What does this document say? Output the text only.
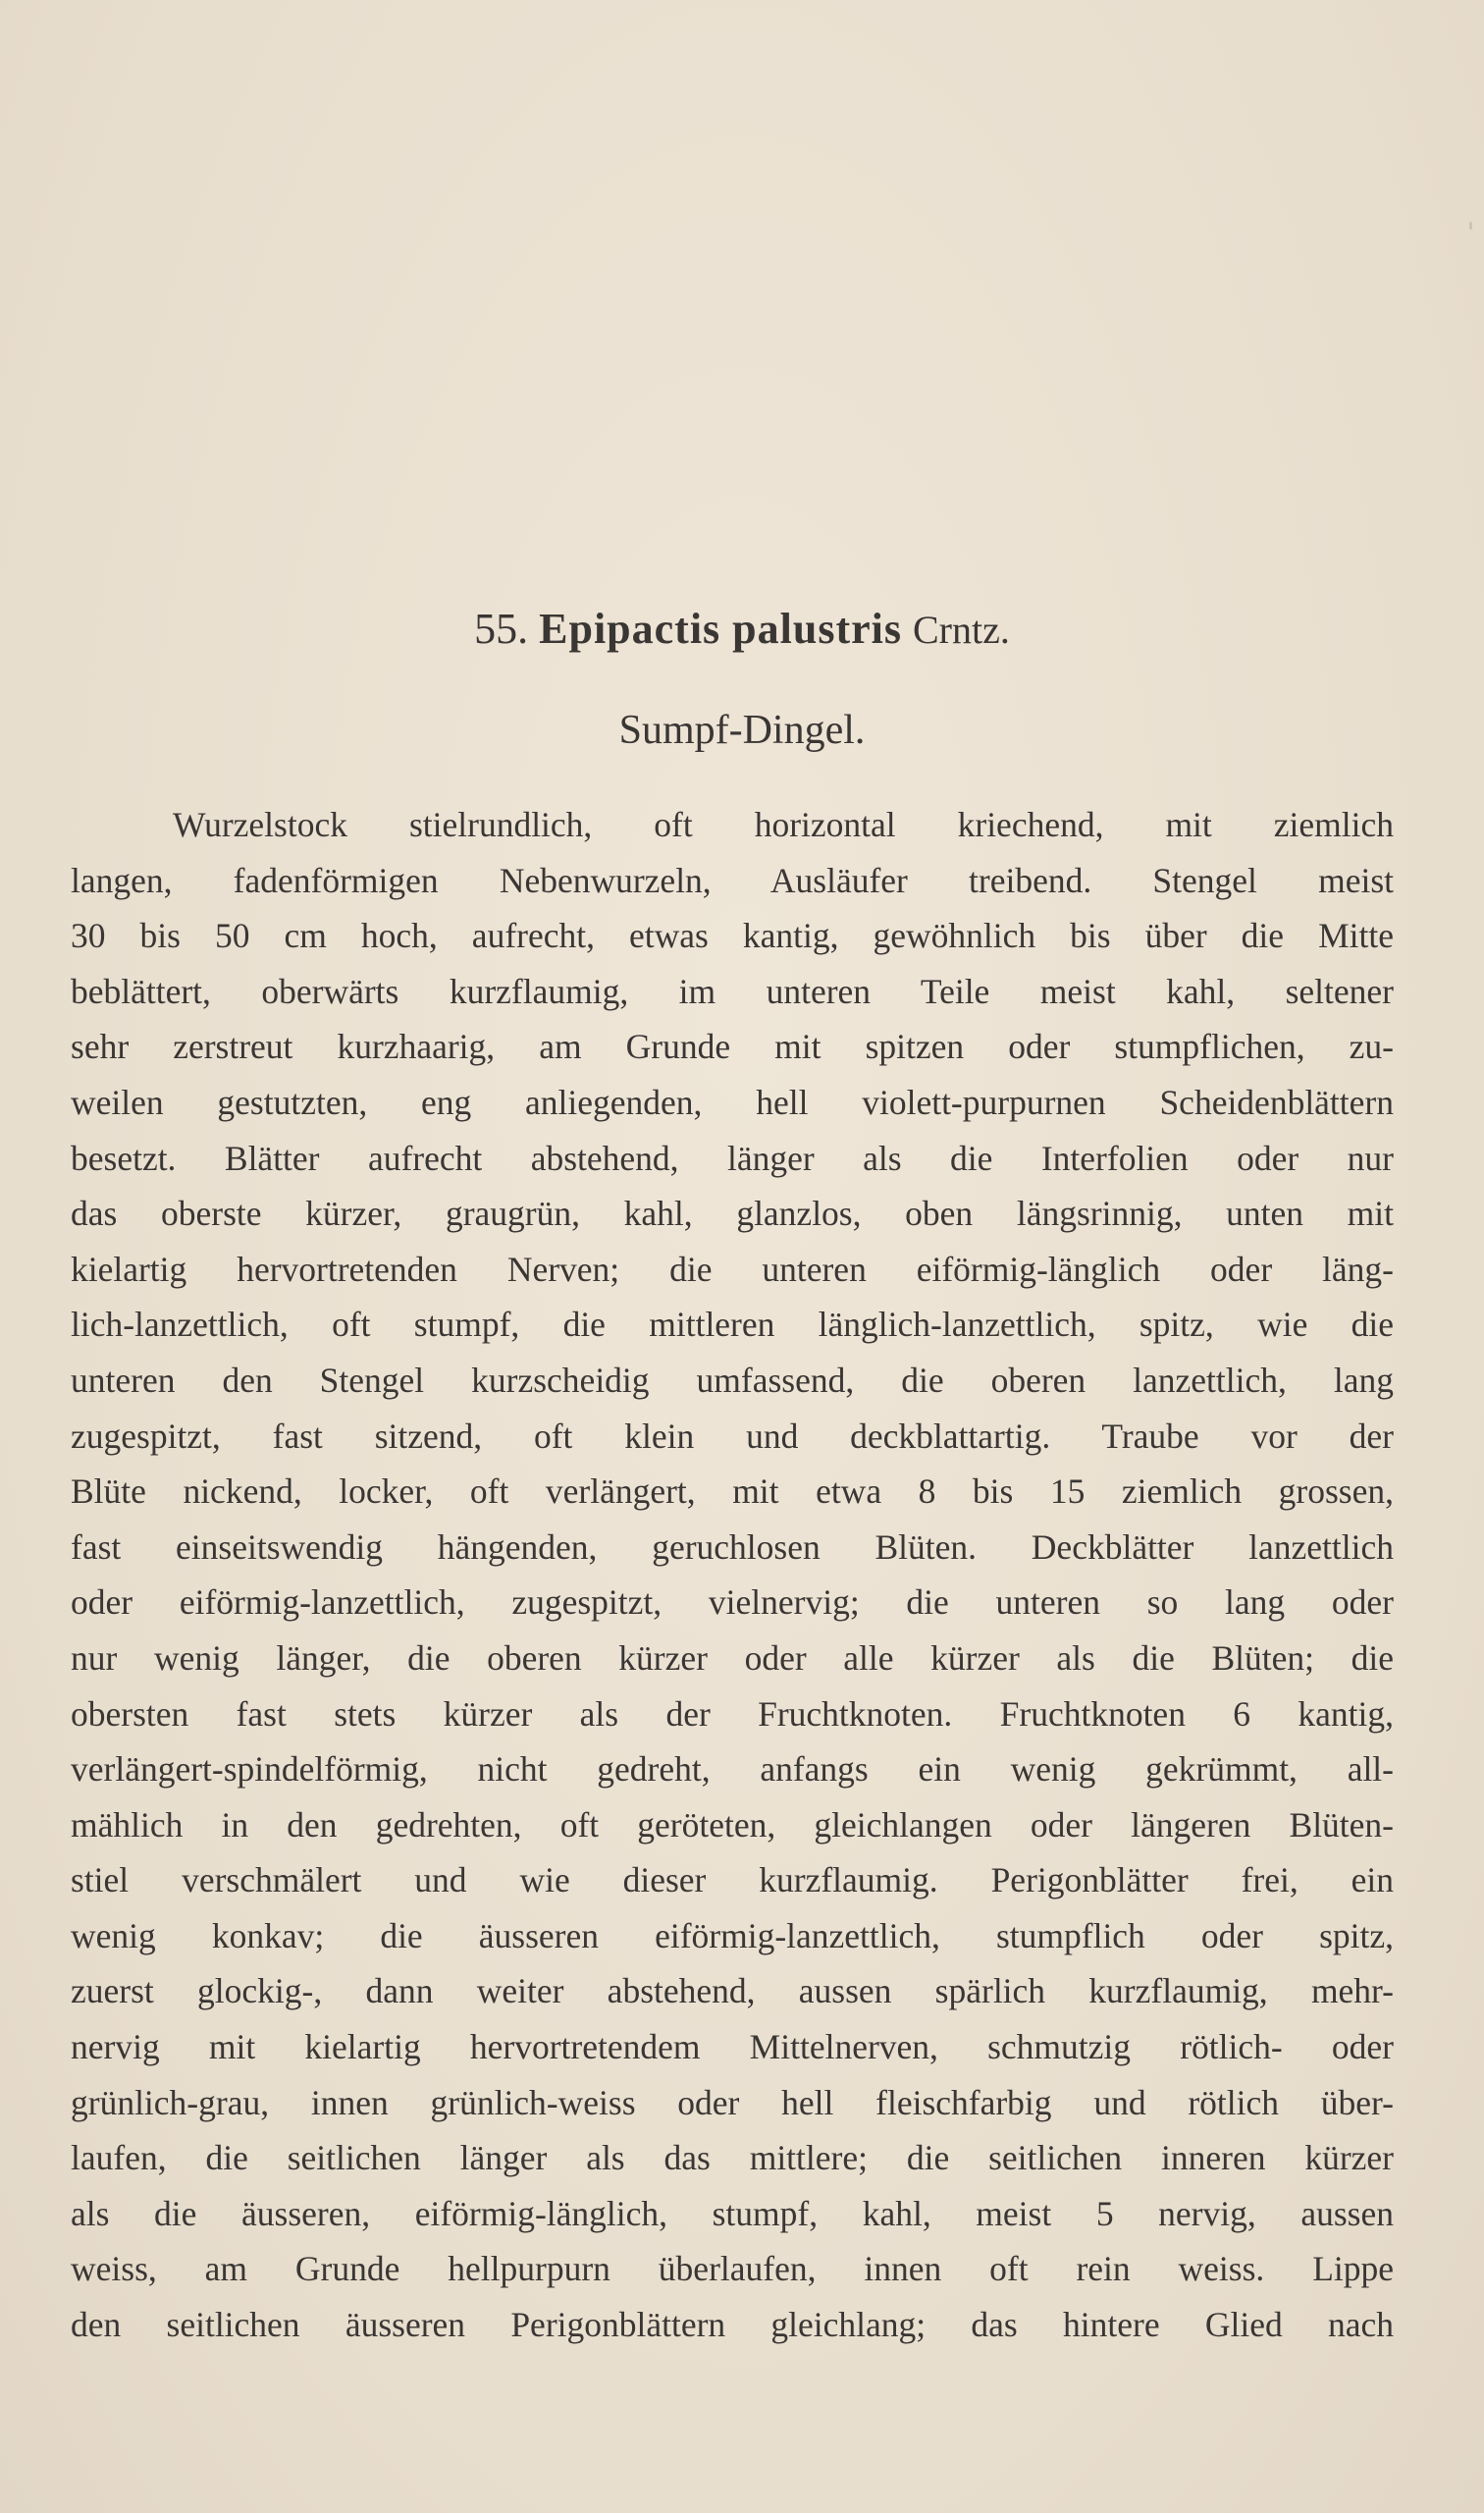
55. Epipactis palustris Crntz.
Sumpf-Dingel.
Wurzelstock stielrundlich, oft horizontal kriechend, mit ziemlich
langen, fadenförmigen Nebenwurzeln, Ausläufer treibend. Stengel meist
30 bis 50 cm hoch, aufrecht, etwas kantig, gewöhnlich bis über die Mitte
beblättert, oberwärts kurzflaumig, im unteren Teile meist kahl, seltener
sehr zerstreut kurzhaarig, am Grunde mit spitzen oder stumpflichen, zu-
weilen gestutzten, eng anliegenden, hell violett-purpurnen Scheidenblättern
besetzt. Blätter aufrecht abstehend, länger als die Interfolien oder nur
das oberste kürzer, graugrün, kahl, glanzlos, oben längsrinnig, unten mit
kielartig hervortretenden Nerven; die unteren eiförmig-länglich oder läng-
lich-lanzettlich, oft stumpf, die mittleren länglich-lanzettlich, spitz, wie die
unteren den Stengel kurzscheidig umfassend, die oberen lanzettlich, lang
zugespitzt, fast sitzend, oft klein und deckblattartig. Traube vor der
Blüte nickend, locker, oft verlängert, mit etwa 8 bis 15 ziemlich grossen,
fast einseitswendig hängenden, geruchlosen Blüten. Deckblätter lanzettlich
oder eiförmig-lanzettlich, zugespitzt, vielnervig; die unteren so lang oder
nur wenig länger, die oberen kürzer oder alle kürzer als die Blüten; die
obersten fast stets kürzer als der Fruchtknoten. Fruchtknoten 6 kantig,
verlängert-spindelförmig, nicht gedreht, anfangs ein wenig gekrümmt, all-
mählich in den gedrehten, oft geröteten, gleichlangen oder längeren Blüten-
stiel verschmälert und wie dieser kurzflaumig. Perigonblätter frei, ein
wenig konkav; die äusseren eiförmig-lanzettlich, stumpflich oder spitz,
zuerst glockig-, dann weiter abstehend, aussen spärlich kurzflaumig, mehr-
nervig mit kielartig hervortretendem Mittelnerven, schmutzig rötlich- oder
grünlich-grau, innen grünlich-weiss oder hell fleischfarbig und rötlich über-
laufen, die seitlichen länger als das mittlere; die seitlichen inneren kürzer
als die äusseren, eiförmig-länglich, stumpf, kahl, meist 5 nervig, aussen
weiss, am Grunde hellpurpurn überlaufen, innen oft rein weiss. Lippe
den seitlichen äusseren Perigonblättern gleichlang; das hintere Glied nach
